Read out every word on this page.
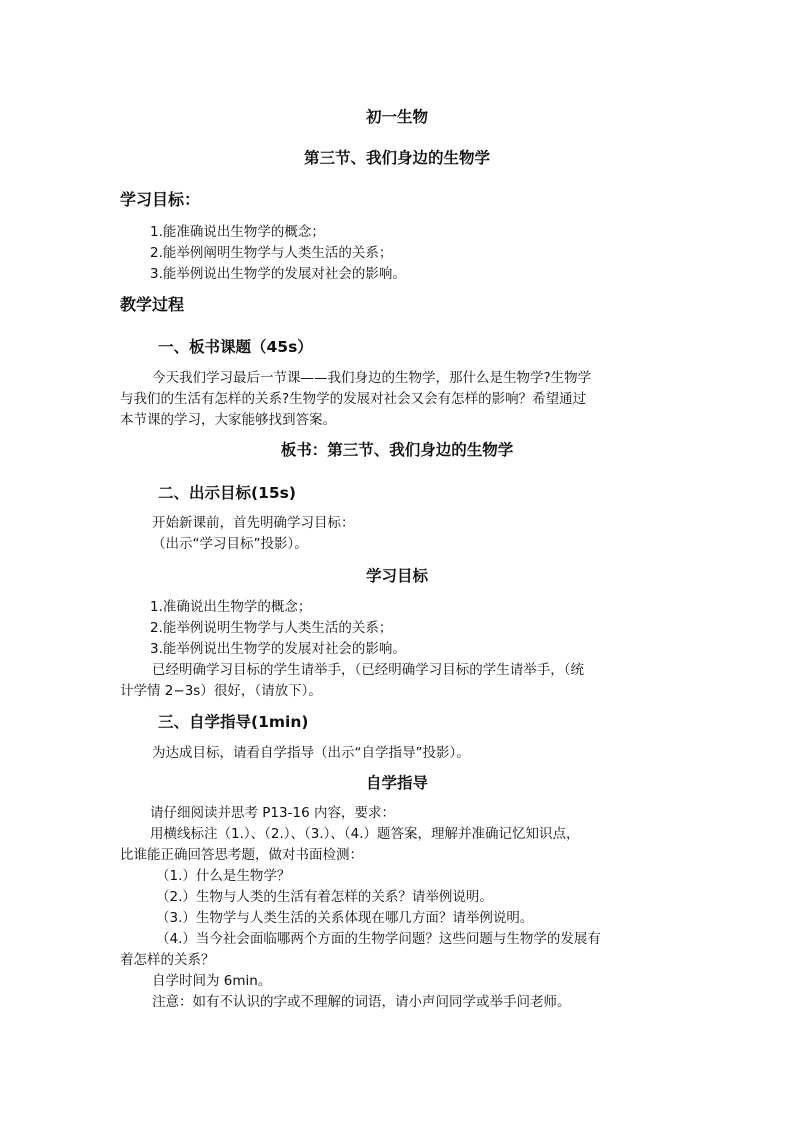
初一生物
第三节、我们身边的生物学
学习目标：
1.能准确说出生物学的概念；
2.能举例阐明生物学与人类生活的关系；
3.能举例说出生物学的发展对社会的影响。
教学过程
一、板书课题（45s）
今天我们学习最后一节课——我们身边的生物学，那什么是生物学?生物学
与我们的生活有怎样的关系?生物学的发展对社会又会有怎样的影响？希望通过
本节课的学习，大家能够找到答案。
板书：第三节、我们身边的生物学
二、出示目标(15s)
开始新课前，首先明确学习目标：
（出示“学习目标”投影）。
学习目标
1.准确说出生物学的概念；
2.能举例说明生物学与人类生活的关系；
3.能举例说出生物学的发展对社会的影响。
已经明确学习目标的学生请举手，（已经明确学习目标的学生请举手，（统
计学情 2−3s）很好，（请放下）。
三、自学指导(1min)
为达成目标，请看自学指导（出示“自学指导”投影）。
自学指导
请仔细阅读并思考 P13-16 内容，要求：
用横线标注（1.）、（2.）、（3.）、（4.）题答案，理解并准确记忆知识点，
比谁能正确回答思考题，做对书面检测：
（1.）什么是生物学？
（2.）生物与人类的生活有着怎样的关系？请举例说明。
（3.）生物学与人类生活的关系体现在哪几方面？请举例说明。
（4.）当今社会面临哪两个方面的生物学问题？这些问题与生物学的发展有
着怎样的关系？
自学时间为 6min。
注意：如有不认识的字或不理解的词语，请小声问同学或举手问老师。
